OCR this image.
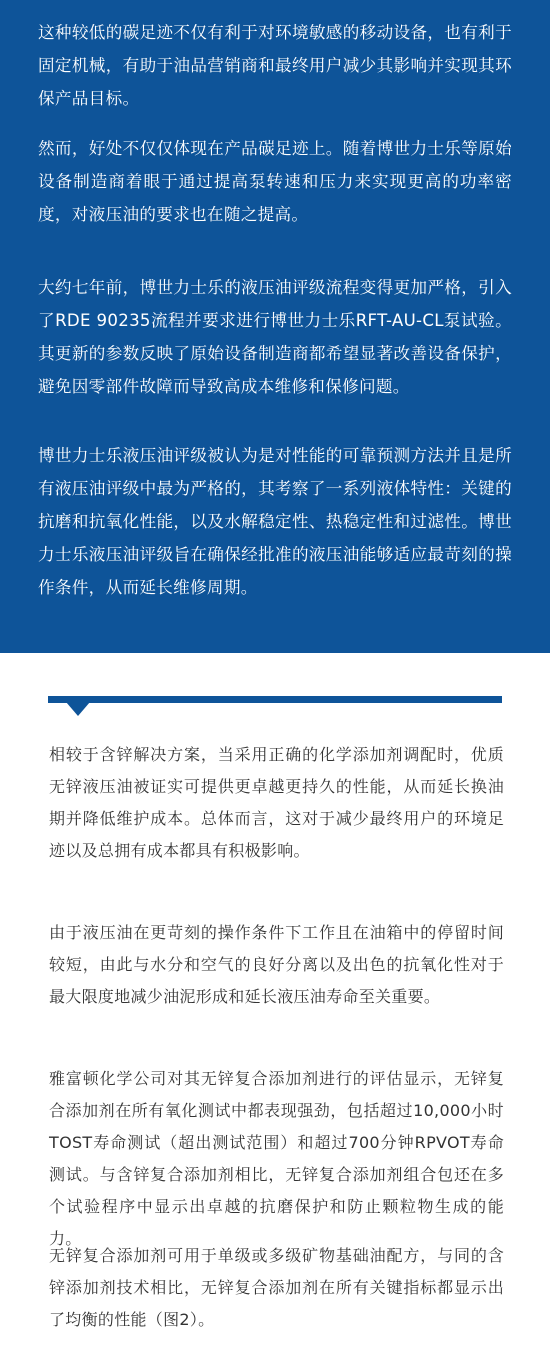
这种较低的碳足迹不仅有利于对环境敏感的移动设备，也有利于固定机械，有助于油品营销商和最终用户减少其影响并实现其环保产品目标。

然而，好处不仅仅体现在产品碳足迹上。随着博世力士乐等原始设备制造商着眼于通过提高泵转速和压力来实现更高的功率密度，对液压油的要求也在随之提高。

大约七年前，博世力士乐的液压油评级流程变得更加严格，引入了RDE 90235流程并要求进行博世力士乐RFT-AU-CL泵试验。其更新的参数反映了原始设备制造商都希望显著改善设备保护，避免因零部件故障而导致高成本维修和保修问题。

博世力士乐液压油评级被认为是对性能的可靠预测方法并且是所有液压油评级中最为严格的，其考察了一系列液体特性：关键的抗磨和抗氧化性能，以及水解稳定性、热稳定性和过滤性。博世力士乐液压油评级旨在确保经批准的液压油能够适应最苛刻的操作条件，从而延长维修周期。

相较于含锌解决方案，当采用正确的化学添加剂调配时，优质无锌液压油被证实可提供更卓越更持久的性能，从而延长换油期并降低维护成本。总体而言，这对于减少最终用户的环境足迹以及总拥有成本都具有积极影响。

由于液压油在更苛刻的操作条件下工作且在油箱中的停留时间较短，由此与水分和空气的良好分离以及出色的抗氧化性对于最大限度地减少油泥形成和延长液压油寿命至关重要。

雅富顿化学公司对其无锌复合添加剂进行的评估显示，无锌复合添加剂在所有氧化测试中都表现强劲，包括超过10,000小时TOST寿命测试（超出测试范围）和超过700分钟RPVOT寿命测试。与含锌复合添加剂相比，无锌复合添加剂组合包还在多个试验程序中显示出卓越的抗磨保护和防止颗粒物生成的能力。

无锌复合添加剂可用于单级或多级矿物基础油配方，与同的含锌添加剂技术相比，无锌复合添加剂在所有关键指标都显示出了均衡的性能（图2）。
